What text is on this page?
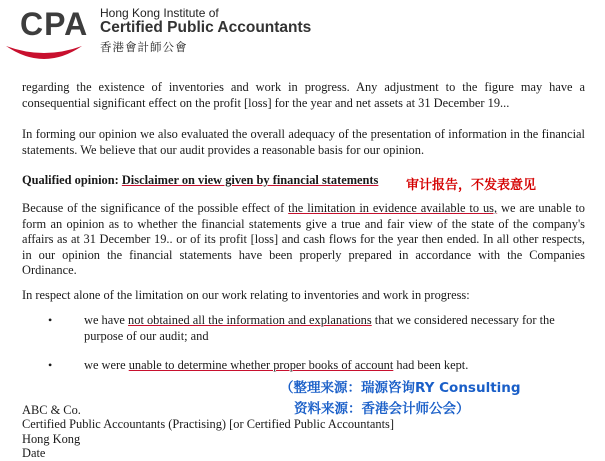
CPA Hong Kong Institute of
Certified Public Accountants
香港會計師公會

regarding the existence of inventories and work in progress. Any adjustment to the figure may have a consequential significant effect on the profit [loss] for the year and net assets at 31 December 19...

In forming our opinion we also evaluated the overall adequacy of the presentation of information in the financial statements. We believe that our audit provides a reasonable basis for our opinion.

Qualified opinion: Disclaimer on view given by financial statements	审计报告，不发表意见

Because of the significance of the possible effect of the limitation in evidence available to us, we are unable to form an opinion as to whether the financial statements give a true and fair view of the state of the company's affairs as at 31 December 19.. or of its profit [loss] and cash flows for the year then ended. In all other respects, in our opinion the financial statements have been properly prepared in accordance with the Companies Ordinance.

In respect alone of the limitation on our work relating to inventories and work in progress:

•	we have not obtained all the information and explanations that we considered necessary for the purpose of our audit; and
•	we were unable to determine whether proper books of account had been kept.
（整理来源：瑞源咨询RY Consulting
资料来源：香港会计师公会）
ABC & Co.
Certified Public Accountants (Practising) [or Certified Public Accountants]
Hong Kong
Date
